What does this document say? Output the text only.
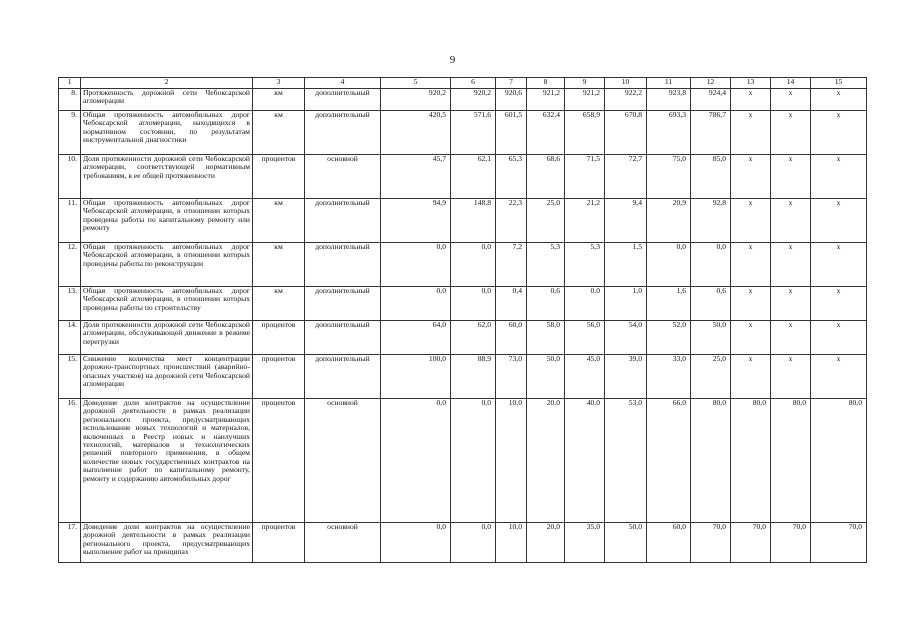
9
1	2	3	4	5	6	7	8	9	10	11	12	13	14	15
8.	Протяженность дорожной сети Чебоксарской агломерации	км	дополнительный	920,2	920,2	920,6	921,2	921,2	922,2	923,8	924,4	x	x	x
9.	Общая протяженность автомобильных дорог Чебоксарской агломерации, находящихся в нормативном состоянии, по результатам инструментальной диагностики	км	дополнительный	420,5	571,6	601,5	632,4	658,9	670,8	693,3	786,7	x	x	x
10.	Доля протяженности дорожной сети Чебоксарской агломерации, соответствующей нормативным требованиям, в ее общей протяженности	процентов	основной	45,7	62,1	65,3	68,6	71,5	72,7	75,0	85,0	x	x	x
11.	Общая протяженность автомобильных дорог Чебоксарской агломерации, в отношении которых проведены работы по капитальному ремонту или ремонту	км	дополнительный	94,9	148,8	22,3	25,0	21,2	9,4	20,9	92,8	x	x	x
12.	Общая протяженность автомобильных дорог Чебоксарской агломерации, в отношении которых проведены работы по реконструкции	км	дополнительный	0,0	0,0	7,2	5,3	5,3	1,5	0,0	0,0	x	x	x
13.	Общая протяженность автомобильных дорог Чебоксарской агломерации, в отношении которых проведены работы по строительству	км	дополнительный	0,0	0,0	0,4	0,6	0,0	1,0	1,6	0,6	x	x	x
14.	Доля протяженности дорожной сети Чебоксарской агломерации, обслуживающей движение в режиме перегрузки	процентов	дополнительный	64,0	62,0	60,0	58,0	56,0	54,0	52,0	50,0	x	x	x
15.	Снижение количества мест концентрации дорожно-транспортных происшествий (аварийно-опасных участков) на дорожной сети Чебоксарской агломерации	процентов	дополнительный	100,0	88,9	73,0	50,0	45,0	39,0	33,0	25,0	x	x	x
16.	Доведение доли контрактов на осуществление дорожной деятельности в рамках реализации регионального проекта, предусматривающих использование новых технологий и материалов, включенных в Реестр новых и наилучших технологий, материалов и технологических решений повторного применения, в общем количестве новых государственных контрактов на выполнение работ по капитальному ремонту, ремонту и содержанию автомобильных дорог	процентов	основной	0,0	0,0	10,0	20,0	40,0	53,0	66,0	80,0	80,0	80,0	80,0
17.	Доведение доли контрактов на осуществление дорожной деятельности в рамках реализации регионального проекта, предусматривающих выполнение работ на принципах	процентов	основной	0,0	0,0	10,0	20,0	35,0	50,0	60,0	70,0	70,0	70,0	70,0
